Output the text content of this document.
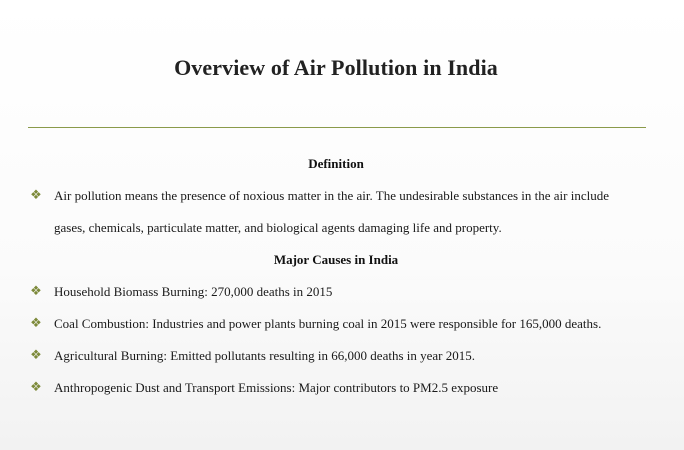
Overview of Air Pollution in India
Definition
❖ Air pollution means the presence of noxious matter in the air. The undesirable substances in the air include gases, chemicals, particulate matter, and biological agents damaging life and property.
Major Causes in India
❖ Household Biomass Burning: 270,000 deaths in 2015
❖ Coal Combustion: Industries and power plants burning coal in 2015 were responsible for 165,000 deaths.
❖ Agricultural Burning: Emitted pollutants resulting in 66,000 deaths in year 2015.
❖ Anthropogenic Dust and Transport Emissions: Major contributors to PM2.5 exposure
